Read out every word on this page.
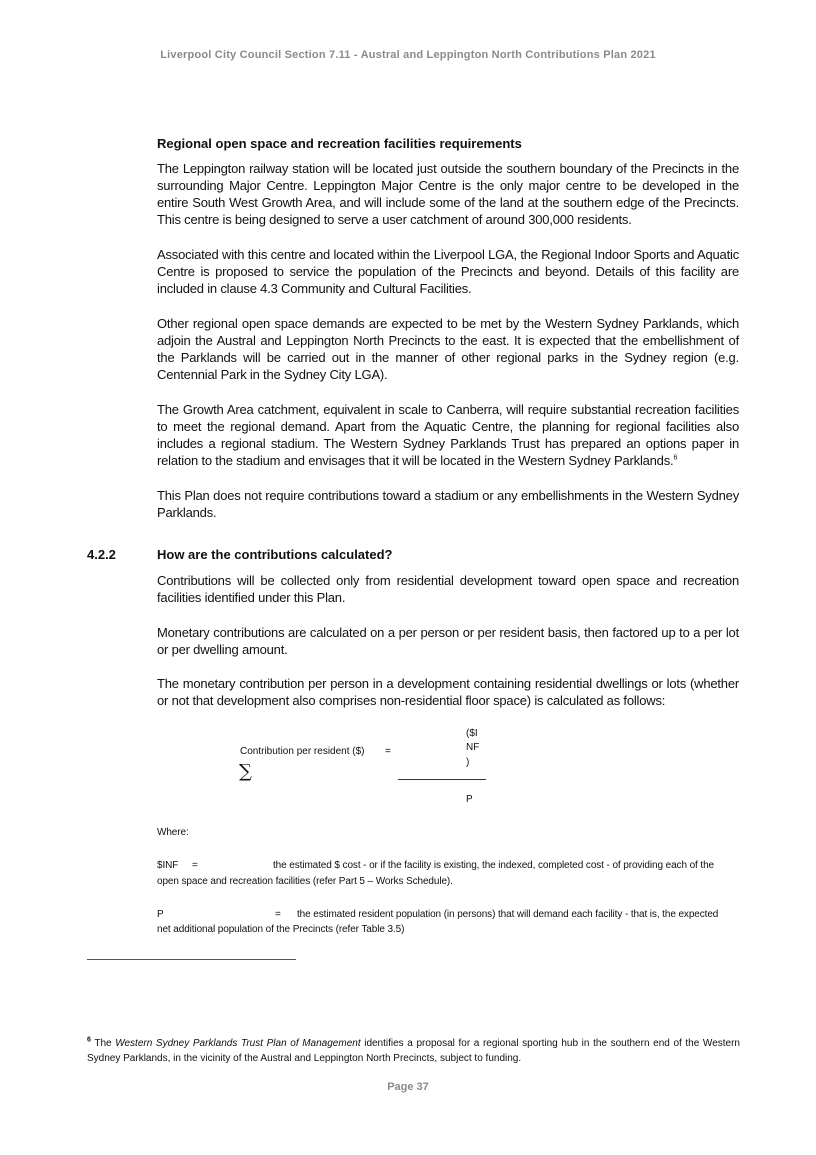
Liverpool City Council Section 7.11 - Austral and Leppington North Contributions Plan 2021
Regional open space and recreation facilities requirements

The Leppington railway station will be located just outside the southern boundary of the Precincts in the surrounding Major Centre. Leppington Major Centre is the only major centre to be developed in the entire South West Growth Area, and will include some of the land at the southern edge of the Precincts. This centre is being designed to serve a user catchment of around 300,000 residents.

Associated with this centre and located within the Liverpool LGA, the Regional Indoor Sports and Aquatic Centre is proposed to service the population of the Precincts and beyond. Details of this facility are included in clause 4.3 Community and Cultural Facilities.

Other regional open space demands are expected to be met by the Western Sydney Parklands, which adjoin the Austral and Leppington North Precincts to the east. It is expected that the embellishment of the Parklands will be carried out in the manner of other regional parks in the Sydney region (e.g. Centennial Park in the Sydney City LGA).

The Growth Area catchment, equivalent in scale to Canberra, will require substantial recreation facilities to meet the regional demand. Apart from the Aquatic Centre, the planning for regional facilities also includes a regional stadium. The Western Sydney Parklands Trust has prepared an options paper in relation to the stadium and envisages that it will be located in the Western Sydney Parklands.$^6$

This Plan does not require contributions toward a stadium or any embellishments in the Western Sydney Parklands.

4.2.2	How are the contributions calculated?

Contributions will be collected only from residential development toward open space and recreation facilities identified under this Plan.

Monetary contributions are calculated on a per person or per resident basis, then factored up to a per lot or per dwelling amount.

The monetary contribution per person in a development containing residential dwellings or lots (whether or not that development also comprises non-residential floor space) is calculated as follows:

Contribution per resident ($) =
∑
($I
NF
)
P
Where:
$INF =	the estimated $ cost - or if the facility is existing, the indexed, completed cost - of providing each of the
open space and recreation facilities (refer Part 5 – Works Schedule).
P	= the estimated resident population (in persons) that will demand each facility - that is, the expected
net additional population of the Precincts (refer Table 3.5)

$^6$ The Western Sydney Parklands Trust Plan of Management identifies a proposal for a regional sporting hub in the southern end of the Western Sydney Parklands, in the vicinity of the Austral and Leppington North Precincts, subject to funding.

Page 37
